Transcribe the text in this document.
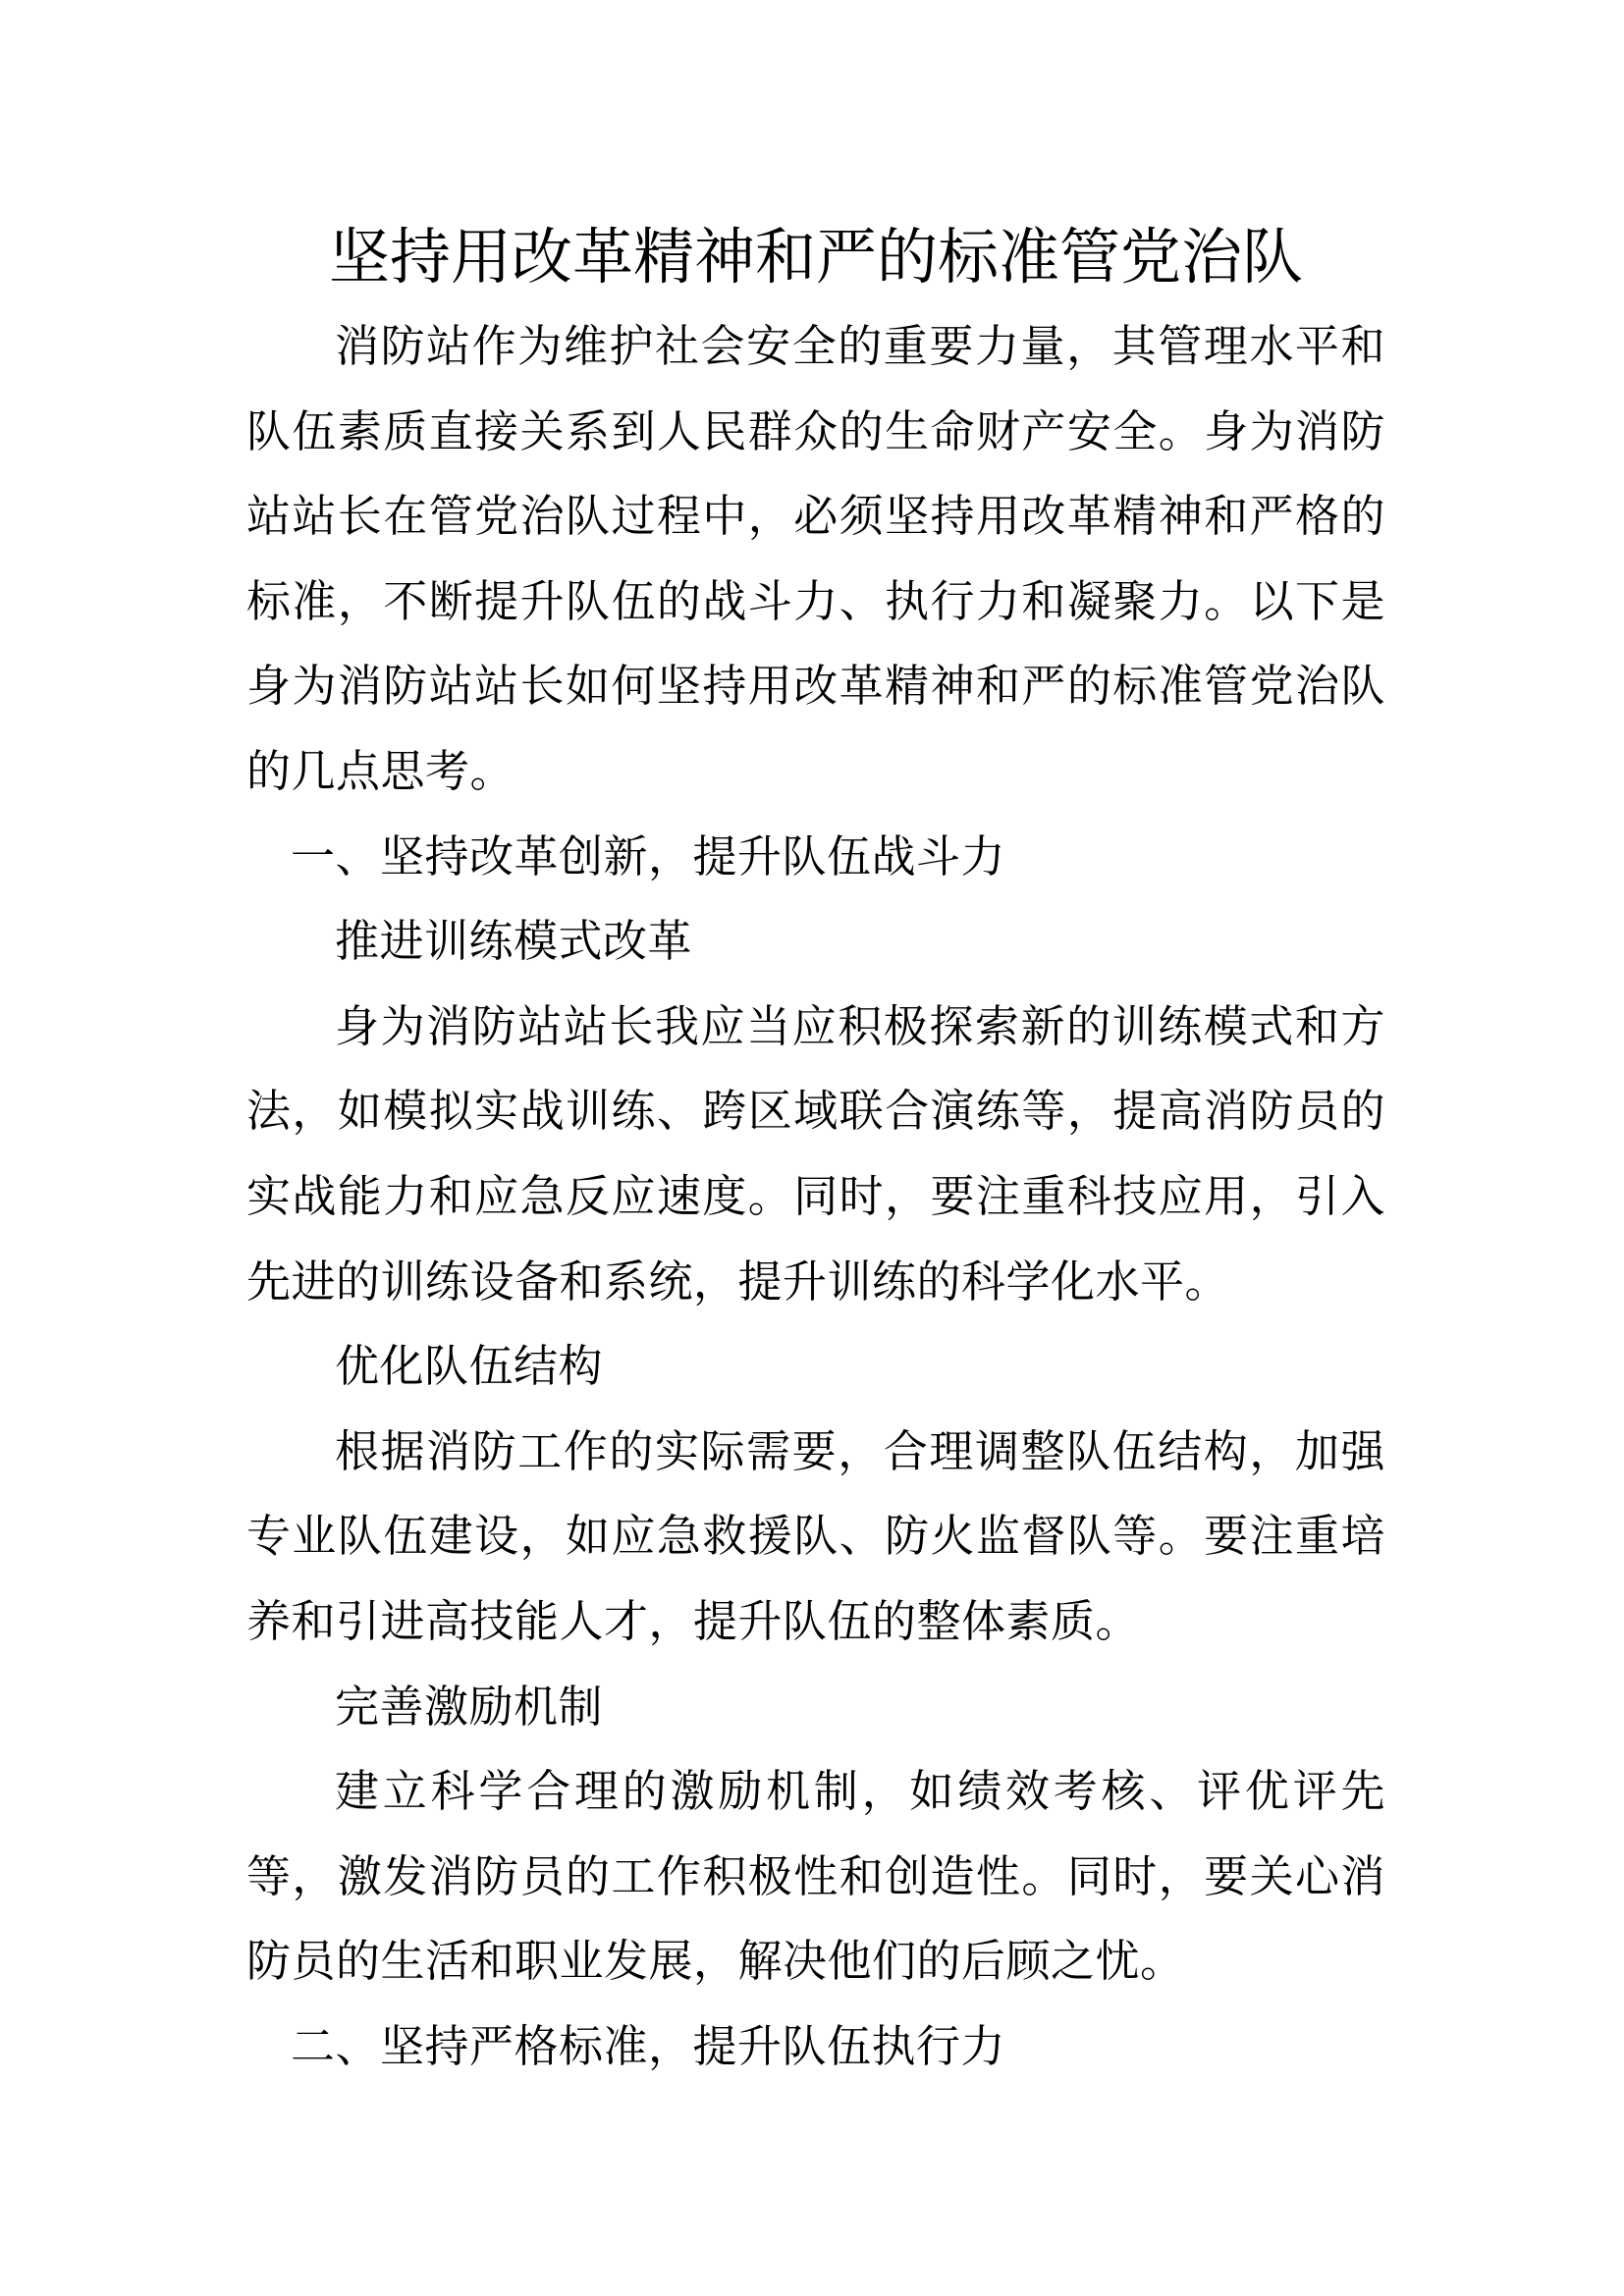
坚持用改革精神和严的标准管党治队

消防站作为维护社会安全的重要力量，其管理水平和队伍素质直接关系到人民群众的生命财产安全。身为消防站站长在管党治队过程中，必须坚持用改革精神和严格的标准，不断提升队伍的战斗力、执行力和凝聚力。以下是身为消防站站长如何坚持用改革精神和严的标准管党治队的几点思考。

一、坚持改革创新，提升队伍战斗力

推进训练模式改革

身为消防站站长我应当应积极探索新的训练模式和方法，如模拟实战训练、跨区域联合演练等，提高消防员的实战能力和应急反应速度。同时，要注重科技应用，引入先进的训练设备和系统，提升训练的科学化水平。

优化队伍结构

根据消防工作的实际需要，合理调整队伍结构，加强专业队伍建设，如应急救援队、防火监督队等。要注重培养和引进高技能人才，提升队伍的整体素质。

完善激励机制

建立科学合理的激励机制，如绩效考核、评优评先等，激发消防员的工作积极性和创造性。同时，要关心消防员的生活和职业发展，解决他们的后顾之忧。

二、坚持严格标准，提升队伍执行力
